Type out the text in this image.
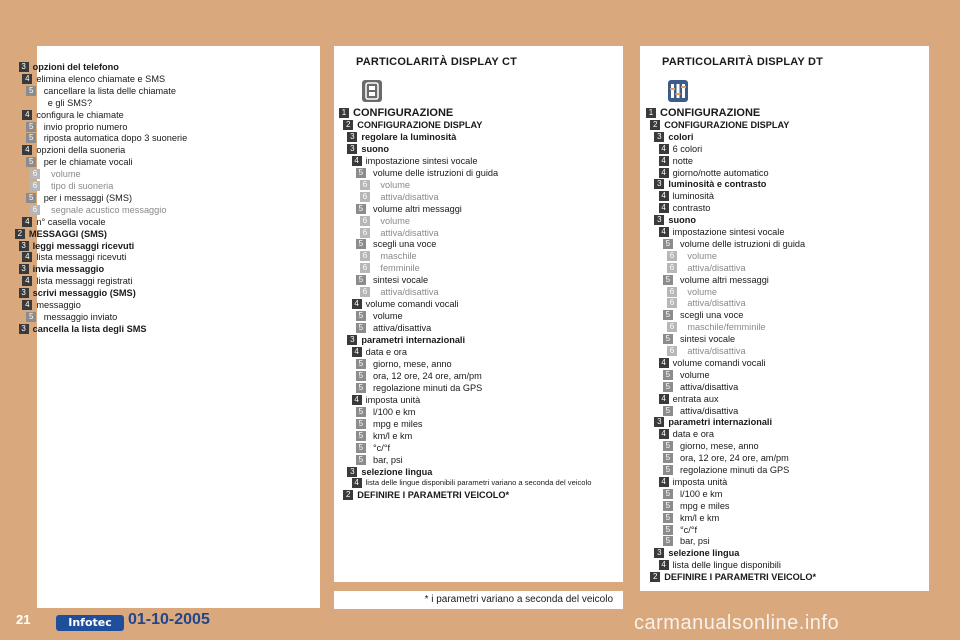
3 opzioni del telefono
4 elimina elenco chiamate e SMS
5	cancellare la lista delle chiamate
e gli SMS?
4 configura le chiamate
5	invio proprio numero
5	riposta automatica dopo 3 suonerie
4 opzioni della suoneria
5	per le chiamate vocali
6	volume
6	tipo di suoneria
5	per i messaggi (SMS)
6	segnale acustico messaggio
4 n° casella vocale
2 MESSAGGI (SMS)
3 leggi messaggi ricevuti
4 lista messaggi ricevuti
3 invia messaggio
4 lista messaggi registrati
3 scrivi messaggio (SMS)
4 messaggio
5	messaggio inviato
3 cancella la lista degli SMS
PARTICOLARITÀ DISPLAY CT
1 CONFIGURAZIONE
2 CONFIGURAZIONE DISPLAY
3 regolare la luminosità
3 suono
4 impostazione sintesi vocale
5	volume delle istruzioni di guida
6	volume
6	attiva/disattiva
5	volume altri messaggi
6	volume
6	attiva/disattiva
5	scegli una voce
6	maschile
6	femminile
5	sintesi vocale
6	attiva/disattiva
4 volume comandi vocali
5	volume
5	attiva/disattiva
3 parametri internazionali
4 data e ora
5	giorno, mese, anno
5	ora, 12 ore, 24 ore, am/pm
5	regolazione minuti da GPS
4 imposta unità
5	l/100 e km
5	mpg e miles
5	km/l e km
5	°c/°f
5	bar, psi
3 selezione lingua
4 lista delle lingue disponibili parametri variano a seconda del veicolo
2 DEFINIRE I PARAMETRI VEICOLO*
PARTICOLARITÀ DISPLAY DT
1 CONFIGURAZIONE
2 CONFIGURAZIONE DISPLAY
3 colori
4 6 colori
4 notte
4 giorno/notte automatico
3 luminosità e contrasto
4 luminosità
4 contrasto
3 suono
4 impostazione sintesi vocale
5	volume delle istruzioni di guida
6	volume
6	attiva/disattiva
5	volume altri messaggi
6	volume
6	attiva/disattiva
5	scegli una voce
6	maschile/femminile
5	sintesi vocale
6	attiva/disattiva
4 volume comandi vocali
5	volume
5	attiva/disattiva
4 entrata aux
5	attiva/disattiva
3 parametri internazionali
4 data e ora
5	giorno, mese, anno
5	ora, 12 ore, 24 ore, am/pm
5	regolazione minuti da GPS
4 imposta unità
5	l/100 e km
5	mpg e miles
5	km/l e km
5	°c/°f
5	bar, psi
3 selezione lingua
4 lista delle lingue disponibili
2 DEFINIRE I PARAMETRI VEICOLO*
* i parametri variano a seconda del veicolo
21	Infotec	01-10-2005	carmanualsonline.info
